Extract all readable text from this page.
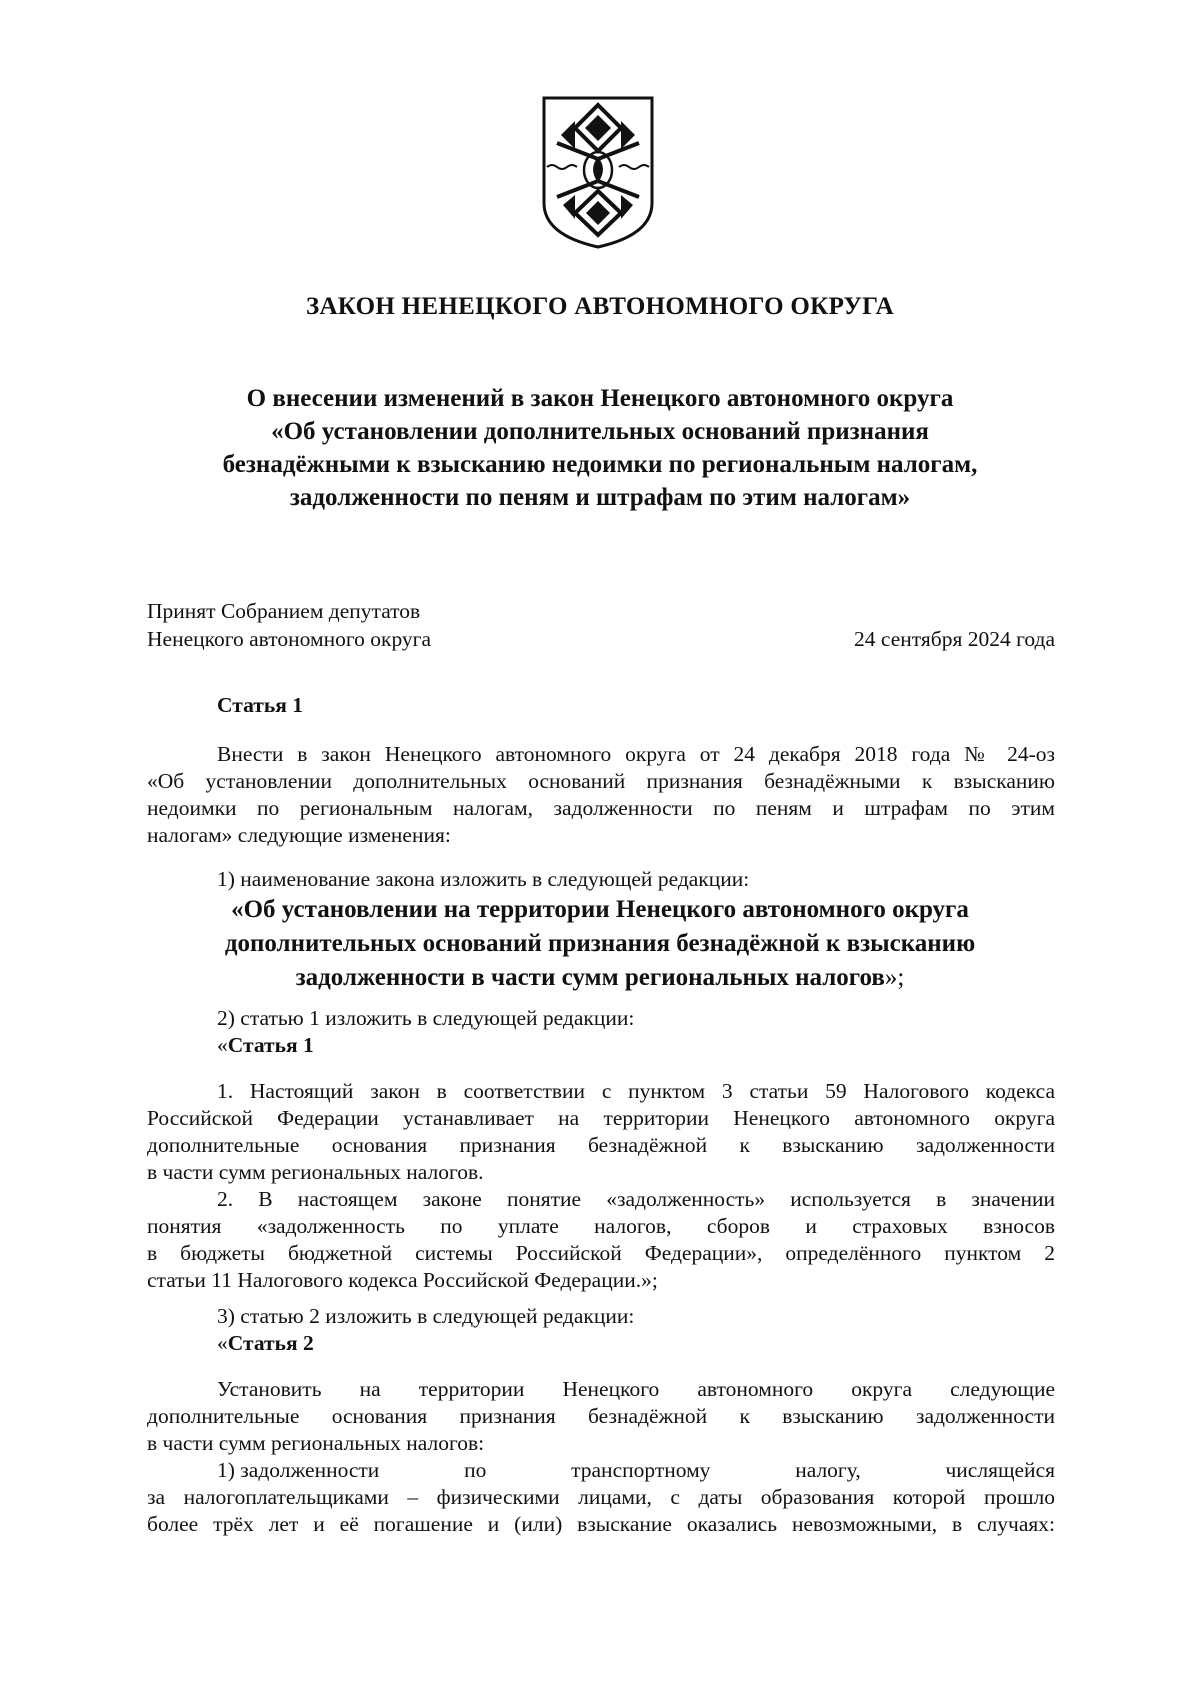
ЗАКОН НЕНЕЦКОГО АВТОНОМНОГО ОКРУГА
О внесении изменений в закон Ненецкого автономного округа
«Об установлении дополнительных оснований признания
безнадёжными к взысканию недоимки по региональным налогам,
задолженности по пеням и штрафам по этим налогам»
Принят Собранием депутатов
Ненецкого автономного округа	24 сентября 2024 года
Статья 1
Внести в закон Ненецкого автономного округа от 24 декабря 2018 года № 24-оз
«Об установлении дополнительных оснований признания безнадёжными к взысканию
недоимки по региональным налогам, задолженности по пеням и штрафам по этим
налогам» следующие изменения:
1) наименование закона изложить в следующей редакции:
«Об установлении на территории Ненецкого автономного округа
дополнительных оснований признания безнадёжной к взысканию
задолженности в части сумм региональных налогов»;
2) статью 1 изложить в следующей редакции:
«Статья 1
1. Настоящий закон в соответствии с пунктом 3 статьи 59 Налогового кодекса
Российской Федерации устанавливает на территории Ненецкого автономного округа
дополнительные основания признания безнадёжной к взысканию задолженности
в части сумм региональных налогов.
2. В настоящем законе понятие «задолженность» используется в значении
понятия «задолженность по уплате налогов, сборов и страховых взносов
в бюджеты бюджетной системы Российской Федерации», определённого пунктом 2
статьи 11 Налогового кодекса Российской Федерации.»;
3) статью 2 изложить в следующей редакции:
«Статья 2
Установить на территории Ненецкого автономного округа следующие
дополнительные основания признания безнадёжной к взысканию задолженности
в части сумм региональных налогов:
1) задолженности	по	транспортному	налогу,	числящейся
за налогоплательщиками – физическими лицами, с даты образования которой прошло
более трёх лет и её погашение и (или) взыскание оказались невозможными, в случаях:
